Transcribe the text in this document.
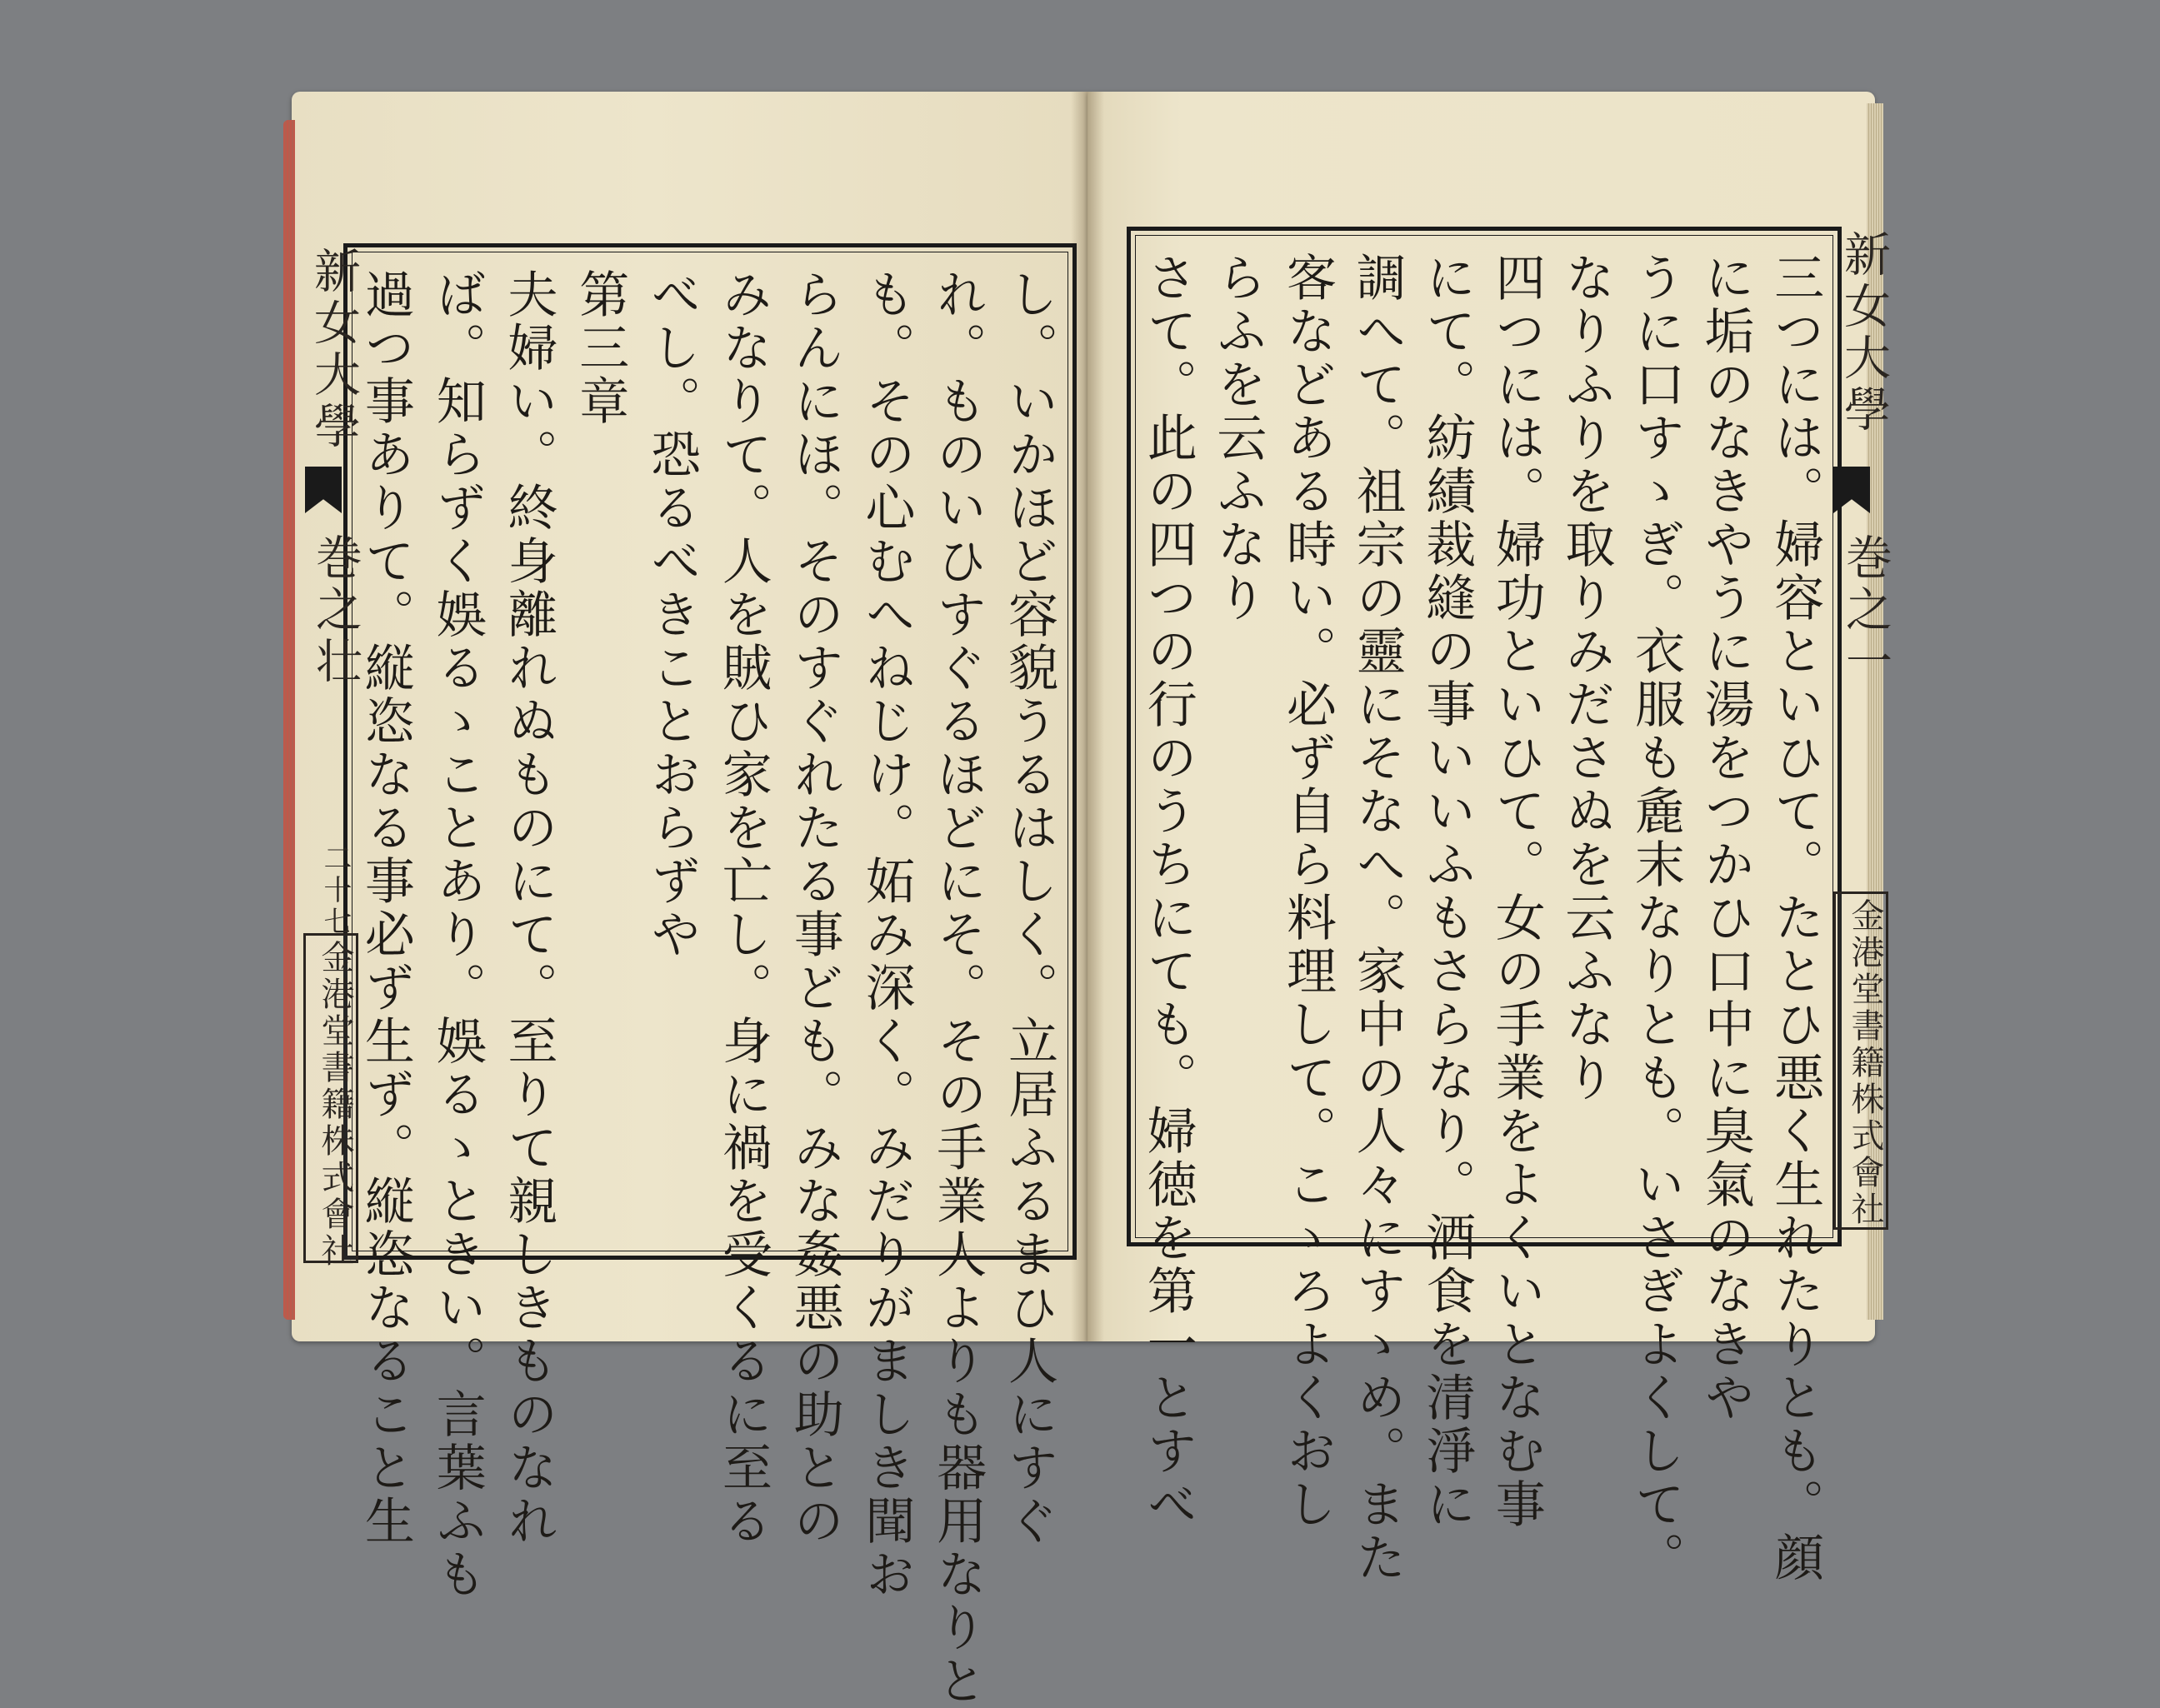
新女大學
巻之壮
二十七
金港堂書籍株式會社	し。いかほど容貌うるはしく。立居ふるまひ人にすぐ
れ。ものいひすぐるほどにそ。その手業人よりも器用なりと
も。その心むへねじけ。妬み深く。みだりがましき聞お
らんにほ。そのすぐれたる事ども。みな姦悪の助との
みなりて。人を賊ひ家を亡し。身に禍を受くるに至る
べし。恐るべきことおらずや
第三章
夫婦い。終身離れぬものにて。至りて親しきものなれ
ば。知らずく娛るゝことあり。娛るゝときい。言葉ふも
過つ事ありて。縦恣なる事必ず生ず。縦恣なること生	新女大學
巻之一
金港堂書籍株式會社
三つには。婦容といひて。たとひ悪く生れたりとも。顔
に垢のなきやうに湯をつかひ口中に臭氣のなきや
うに口すゝぎ。衣服も麁末なりとも。いさぎよくして。
なりふりを取りみださぬを云ふなり
四つには。婦功といひて。女の手業をよくいとなむ事
にて。紡績裁縫の事いいふもさらなり。酒食を清淨に
調へて。祖宗の靈にそなへ。家中の人々にすゝめ。また
客などある時い。必ず自ら料理して。こゝろよくおし
らふを云ふなり
さて。此の四つの行のうちにても。婦徳を第一とすべ
